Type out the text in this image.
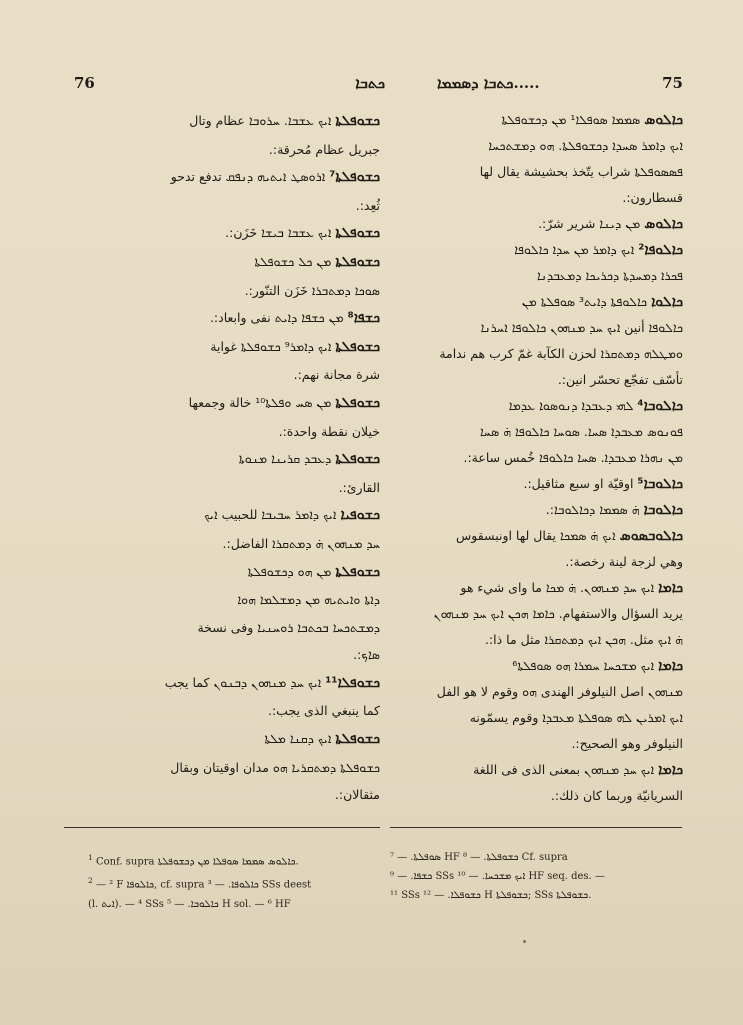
76	ܟܬܒܐ	ܟܬܒܐ ܕܣܡܡܐ.....	75

ܟܫܘܦܠܬܐ ܐܝܟ ܥܫܒܐ. ܚܪܘܒܐ عظام وتال

جبريل عظام مُحرقة:.

ܟܫܘܦܠܬܐ⁷ ܐܪܘܣܛ ܐܝܬܝܗ ܕܢܦܩ تدفع تدحو

ثُعِد:.

ܟܫܘܦܠܬܐ ܐܝܟ ܥܫܒܐ ܒܝܫܐ خَزَن:.

ܟܫܘܦܠܬܐ ܡܢ ܟܠ ܟܫܘܦܠܬܐ

ܣܘܟܐ ܕܡܬܒܪܐ خَزَن التنّور:.

ܟܫܦܐ⁸ ܡܢ ܟܫܦܐ ܕܐܝܬ نفى وابعاد:.

ܟܫܘܦܠܬܐ ܐܝܟ ܕܐܡܪ⁹ ܟܫܘܦܠܬܐ غواية

شرة مجانة نهم:.

ܟܫܘܦܠܬܐ ܡܢ ܣܚ ܘܦܠܬܐ¹⁰ خالة وجمعها

خيلان نقطة واحدة:.

ܟܫܘܦܠܬܐ ܕܥܒܕ ܩܪܝܢܐ ܡܢܘܬܐ

القارئ:.

ܟܫܘܦܝܐ ܐܝܟ ܕܐܡܪ ܚܒܝܒܐ للحبيب ܐܝܟ

ܚܕ ܡܢܗܘܢ ܗ̇ ܕܡܬܩܪܐ الفاضل:.

ܟܫܘܦܠܬܐ ܡܢ ܗܘ ܕܟܫܘܦܠܬܐ

ܕܐܬܐ ܘܐܝܬܝܗ ܡܢ ܕܡܫܠܡܐ ܗܘܐ

ܕܡܫܬܟܚܐ ܒܟܬܒܐ ܪܘܚܢܝܐ وفى نسخة

ܣܐܟ:.

ܟܫܘܦܠܐ¹¹ ܐܝܟ ܚܕ ܡܢܗܘܢ ܕܒܢܘܢ كما يجب

كما ينبغي الذى يجب:.

ܟܫܘܦܠܬܐ ܐܝܟ ܕܩܢܐ ܡܠܬܐ

ܟܫܘܦܠܬܐ ܕܡܬܩܪܝܐ ܗܘ مدان اوقيتان وبقال

مثقالان:.

ܟܐܠܘܣ ܣܡܡܐ ܣܘܦܠܐ¹ ܡܢ ܕܟܫܘܦܠܬܐ

ܐܝܟ ܕܐܡܪ ܣܚܕܐ ܕܟܫܘܦܠܬܐ. ܗܘ ܕܡܫܬܟܚܐ

ܦܣܣܘܦܠܬܐ شراب يتّخذ بحشيشة يقال لها

قسطارون:.

ܟܐܠܘܣ ܡܢ ܕܝܢܐ شرير شرّ:.

ܟܐܠܘܦܐ² ܐܝܟ ܕܐܡܪ ܡܢ ܚܕܐ ܟܐܠܘܦܐ

ܦܟܪܐ ܕܡܚܕܬܐ ܕܟܪܝܟܐ ܕܡܥܒܕܢܐ

ܟܐܠܘܐ ܟܐܠܘܦܬܐ ܕܐܝܬ³ ܣܘܦܠܬܐ ܡܢ

ܟܐܠܘܦܐ أنين ܐܝܟ ܚܕ ܡܢܗܘܢ ܟܐܠܘܦܐ ܐܚܪܢܐ

ܘܡܛܠܗ ܕܡܬܩܪܐ لحزن الكآبة غمّ كرب هم ندامة

تأسّف تفجّع تحسّر انين:.

ܟܐܠܘܒܐ⁴ ܠܗܝ ܕܥܒܕܐ ܕܢܘܣܘܐ ܥܕܡܐ

ܦܘܢܘܣ ܡܥܒܕܐ ܣܚܐ. ܣܘܚܐ ܟܐܠܘܦܐ ܗ̇ ܣܚܐ

ܡܢ ܢܗܪܐ ܡܥܒܕܐ. ܣܚܐ ܟܐܠܘܦܐ خُمس ساعة:.

ܟܐܠܘܒܐ⁵ اوقيّة او سبع مثاقيل:.

ܟܐܠܘܒܐ ܗ̇ ܣܡܡܐ ܕܟܐܠܘܒܐ:.

ܟܐܠܘܒܣܘܣ ܐܝܟ ܗ̇ ܣܡܟܐ يقال لها اونبسقوس

وهي لزجة لينة رخصة:.

ܟܐܡܐ ܐܝܟ ܚܕ ܡܢܗܘܢ. ܗ̇ ܡܟܐ ما واى شيء هو

يريد السؤال والاستفهام. ܟܐܡܐ ܗܟܢ ܐܝܟ ܚܕ ܡܢܗܘܢ

ܗ̇ ܐܝܟ مثل. ܗܟܢ ܐܝܟ ܕܡܬܩܪܐ مثل ما ذا:.

ܟܐܡܐ ܐܝܟ ܡܫܟܚܐ ܚܡܪܐ ܗܘ ܣܘܦܠܬܐ⁶

ܡܢܗܘܢ اصل النيلوفر الهندى ܗܘ وقوم لا هو الفل

ܐܝܟ ܐܡܪܝܢ ܠܗ ܣܘܦܠܬܐ ܡܥܒܕܐ وقوم يسمّونه

النيلوفر وهو الصحيح:.

ܟܐܡܐ ܐܝܟ ܚܕ ܡܢܗܘܢ بمعنى الذى فى اللغة

السريانيّة وربما كان ذلك:.

$^1$ Conf. supra ܟܐܠܘܣ ܣܡܡܐ ܣܘܦܠܐ ܡܢ ܕܟܫܘܦܠܬܐ.
$^2$ — ² F ܟܐܠܘܦܐ, cf. supra ܟܐܠܘܦܐ. — ³ SSs deest
(l. ܐܝܬ). — ⁴ SSs ܟܐܠܘܒܐ. — ⁵ H sol. — ⁶ HF
ܣܘܦܠܬܐ. — ⁷ HF ܟܫܘܦܠܬܐ. — ⁸ Cf. supra
ܟܫܦܐ. — ⁹ SSs ܐܝܟ ܡܫܟܚܐ. — ¹⁰ HF seq. des. —
¹¹ SSs ܟܫܘܦܠܐ. — ¹² H ܟܫܘܦܠܬܐ; SSs ܟܫܘܦܠܬܐ.
